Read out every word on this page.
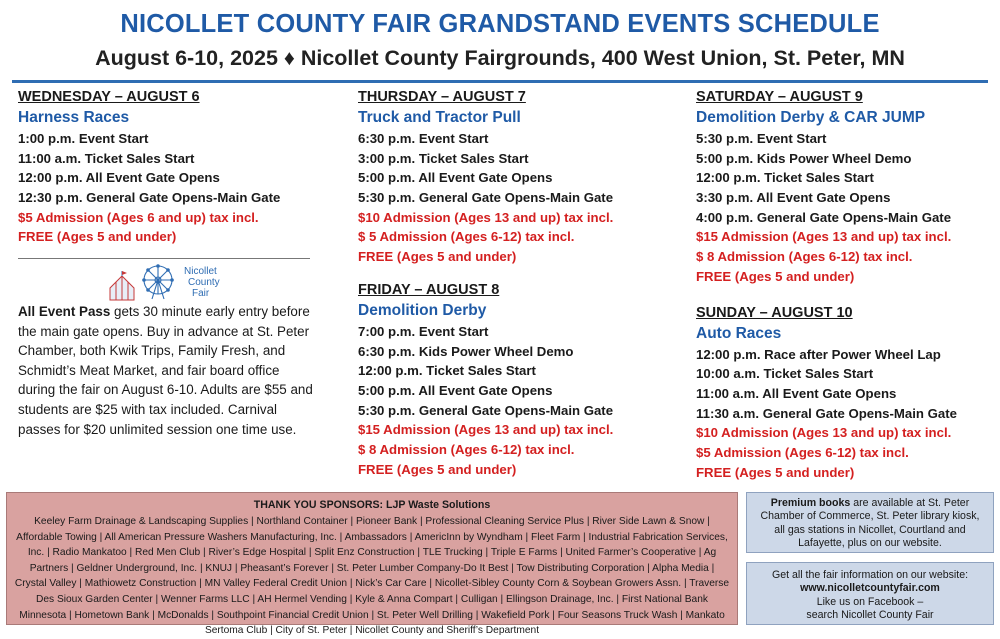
NICOLLET COUNTY FAIR GRANDSTAND EVENTS SCHEDULE
August 6-10, 2025 ♦ Nicollet County Fairgrounds, 400 West Union, St. Peter, MN
WEDNESDAY – AUGUST 6
Harness Races
1:00 p.m. Event Start
11:00 a.m. Ticket Sales Start
12:00 p.m. All Event Gate Opens
12:30 p.m. General Gate Opens-Main Gate
$5 Admission (Ages 6 and up) tax incl.
FREE (Ages 5 and under)
Nicollet
County
Fair
All Event Pass gets 30 minute early entry before the main gate opens. Buy in advance at St. Peter Chamber, both Kwik Trips, Family Fresh, and Schmidt’s Meat Market, and fair board office during the fair on August 6-10. Adults are $55 and students are $25 with tax included. Carnival passes for $20 unlimited session one time use.
THURSDAY – AUGUST 7
Truck and Tractor Pull
6:30 p.m. Event Start
3:00 p.m. Ticket Sales Start
5:00 p.m. All Event Gate Opens
5:30 p.m. General Gate Opens-Main Gate
$10 Admission (Ages 13 and up) tax incl.
$ 5 Admission (Ages 6-12) tax incl.
FREE (Ages 5 and under)
FRIDAY – AUGUST 8
Demolition Derby
7:00 p.m. Event Start
6:30 p.m. Kids Power Wheel Demo
12:00 p.m. Ticket Sales Start
5:00 p.m. All Event Gate Opens
5:30 p.m. General Gate Opens-Main Gate
$15 Admission (Ages 13 and up) tax incl.
$ 8 Admission (Ages 6-12) tax incl.
FREE (Ages 5 and under)
SATURDAY – AUGUST 9
Demolition Derby & CAR JUMP
5:30 p.m. Event Start
5:00 p.m. Kids Power Wheel Demo
12:00 p.m. Ticket Sales Start
3:30 p.m. All Event Gate Opens
4:00 p.m. General Gate Opens-Main Gate
$15 Admission (Ages 13 and up) tax incl.
$ 8 Admission (Ages 6-12) tax incl.
FREE (Ages 5 and under)
SUNDAY – AUGUST 10
Auto Races
12:00 p.m. Race after Power Wheel Lap
10:00 a.m. Ticket Sales Start
11:00 a.m. All Event Gate Opens
11:30 a.m. General Gate Opens-Main Gate
$10 Admission (Ages 13 and up) tax incl.
$5 Admission (Ages 6-12) tax incl.
FREE (Ages 5 and under)
THANK YOU SPONSORS: LJP Waste Solutions
Keeley Farm Drainage & Landscaping Supplies | Northland Container | Pioneer Bank | Professional Cleaning Service Plus | River Side Lawn & Snow | Affordable Towing | All American Pressure Washers Manufacturing, Inc. | Ambassadors | AmericInn by Wyndham | Fleet Farm | Industrial Fabrication Services, Inc. | Radio Mankatoo | Red Men Club | River’s Edge Hospital | Split Enz Construction | TLE Trucking | Triple E Farms | United Farmer’s Cooperative | Ag Partners | Geldner Underground, Inc. | KNUJ | Pheasant’s Forever | St. Peter Lumber Company-Do It Best | Tow Distributing Corporation | Alpha Media | Crystal Valley | Mathiowetz Construction | MN Valley Federal Credit Union | Nick’s Car Care | Nicollet-Sibley County Corn & Soybean Growers Assn. | Traverse Des Sioux Garden Center | Wenner Farms LLC | AH Hermel Vending | Kyle & Anna Compart | Culligan | Ellingson Drainage, Inc. | First National Bank Minnesota | Hometown Bank | McDonalds | Southpoint Financial Credit Union | St. Peter Well Drilling | Wakefield Pork | Four Seasons Truck Wash | Mankato Sertoma Club | City of St. Peter | Nicollet County and Sheriff’s Department
Premium books are available at St. Peter Chamber of Commerce, St. Peter library kiosk, all gas stations in Nicollet, Courtland and Lafayette, plus on our website.
Get all the fair information on our website:
www.nicolletcountyfair.com
Like us on Facebook –
search Nicollet County Fair
